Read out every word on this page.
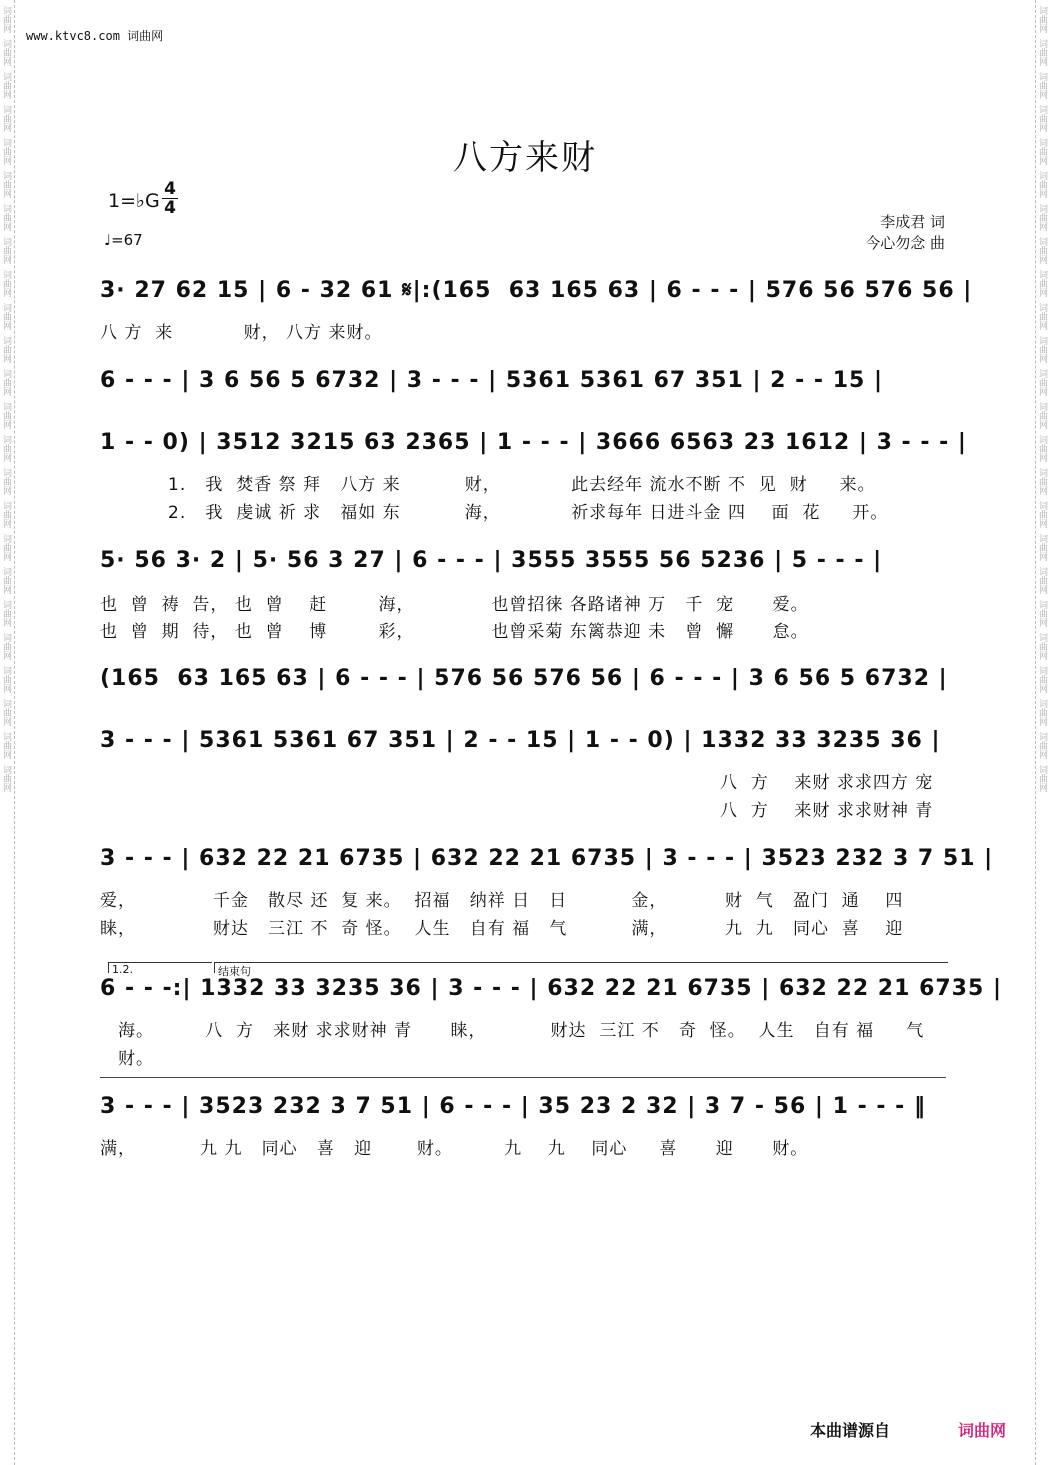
词曲网
词曲网
词曲网
词曲网
词曲网
词曲网
词曲网
词曲网
词曲网
词曲网
词曲网
词曲网
词曲网
词曲网
词曲网
词曲网
词曲网
词曲网
词曲网
词曲网
词曲网
词曲网
词曲网
词曲网
词曲网
词曲网
词曲网
词曲网
词曲网
词曲网
词曲网
词曲网
词曲网
词曲网
词曲网
词曲网
词曲网
词曲网
词曲网
词曲网
词曲网
词曲网
词曲网
词曲网
词曲网
词曲网
词曲网
词曲网
www.ktvc8.com 词曲网
八方来财
1=♭G
4
4
♩=67
李成君 词
今心勿念 曲
3· 27 62 15 | 6 - 32 61 𝄋|:(165  63 165 63 | 6 - - - | 576 56 576 56 |
八 方  来           财， 八方 来财。
6 - - - | 3 6 56 5 6732 | 3 - - - | 5361 5361 67 351 | 2 - - 15 |
1 - - 0) | 3512 3215 63 2365 | 1 - - - | 3666 6563 23 1612 | 3 - - - |
1.   我  焚香 祭 拜   八方 来          财，           此去经年 流水不断 不  见  财     来。
2.   我  虔诚 祈 求   福如 东          海，           祈求每年 日进斗金 四    面  花     开。
5· 56 3· 2 | 5· 56 3 27 | 6 - - - | 3555 3555 56 5236 | 5 - - - |
也  曾  祷  告， 也  曾    赶        海，            也曾招徕 各路诸神 万   千  宠      爱。
也  曾  期  待， 也  曾    博        彩，            也曾采菊 东篱恭迎 未   曾  懈      怠。
(165  63 165 63 | 6 - - - | 576 56 576 56 | 6 - - - | 3 6 56 5 6732 |
3 - - - | 5361 5361 67 351 | 2 - - 15 | 1 - - 0) | 1332 33 3235 36 |
八  方    来财 求求四方 宠
八  方    来财 求求财神 青
3 - - - | 632 22 21 6735 | 632 22 21 6735 | 3 - - - | 3523 232 3 7 51 |
爱，            千金   散尽 还  复 来。  招福   纳祥 日   日          金，         财  气   盈门  通    四
睐，            财达   三江 不  奇 怪。  人生   自有 福   气          满，         九  九   同心  喜    迎
6 - - -:| 1332 33 3235 36 | 3 - - - | 632 22 21 6735 | 632 22 21 6735 |
海。        八  方   来财 求求财神 青      睐，          财达  三江 不   奇  怪。  人生   自有 福     气
财。
3 - - - | 3523 232 3 7 51 | 6 - - - | 35 23 2 32 | 3 7 - 56 | 1 - - - ‖
满，          九 九   同心   喜   迎       财。        九    九    同心     喜      迎      财。
1.2.	结束句
本曲谱源自	词曲网
